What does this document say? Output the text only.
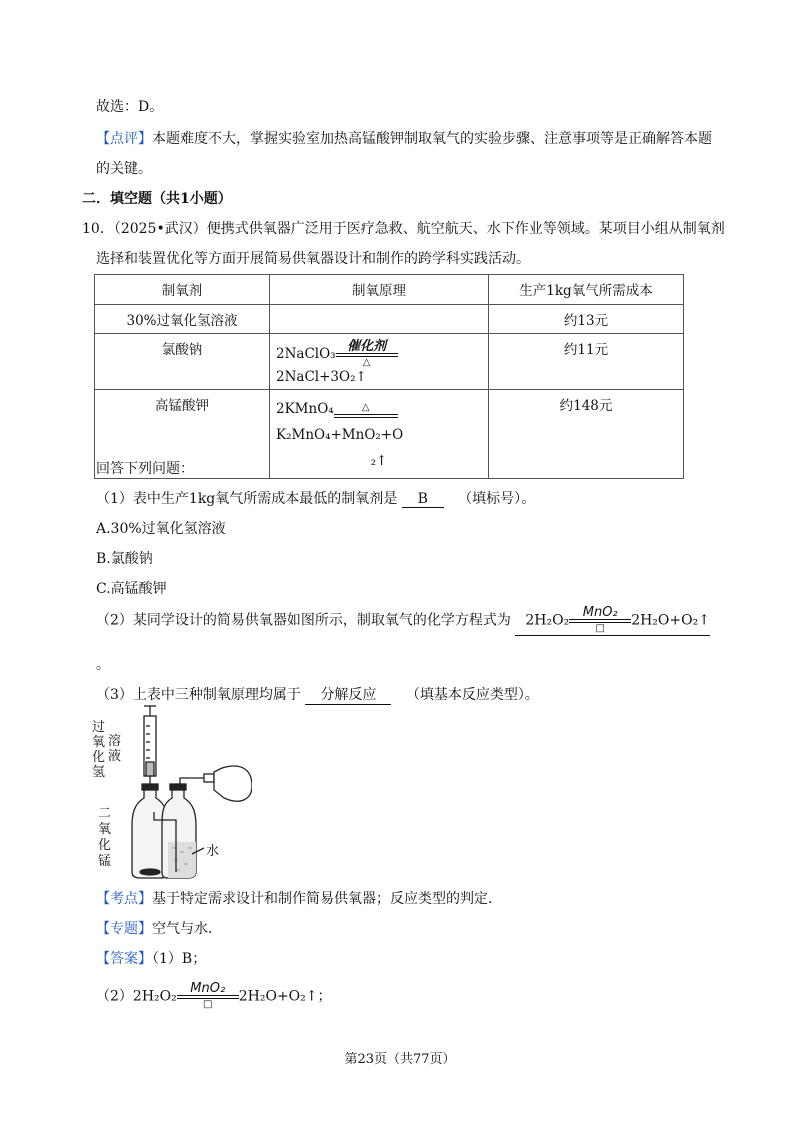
故选：D。
【点评】本题难度不大，掌握实验室加热高锰酸钾制取氧气的实验步骤、注意事项等是正确解答本题
的关键。
二．填空题（共1小题）
10．（2025•武汉）便携式供氧器广泛用于医疗急救、航空航天、水下作业等领域。某项目小组从制氧剂
选择和装置优化等方面开展简易供氧器设计和制作的跨学科实践活动。
制氧剂	制氧原理	生产1kg氧气所需成本
30%过氧化氢溶液		约13元
氯酸钠	2NaClO₃ 催化剂
△
2NaCl+3O₂↑	约11元
高锰酸钾	2KMnO₄ △
K₂MnO₄+MnO₂+O

₂↑	约148元
回答下列问题：
（1）表中生产1kg氧气所需成本最低的制氧剂是 B （填标号）。
A.30%过氧化氢溶液
B.氯酸钠
C.高锰酸钾
（2）某同学设计的简易供氧器如图所示，制取氧气的化学方程式为 2H₂O₂	MnO₂
□	2H₂O+O₂↑
。
（3）上表中三种制氧原理均属于 分解反应 （填基本反应类型）。
过氧化氢
溶液
二氧化锰
水
【考点】基于特定需求设计和制作简易供氧器；反应类型的判定．
【专题】空气与水．
【答案】（1）B；
（2）2H₂O₂	MnO₂
□	2H₂O+O₂↑；
第23页（共77页）
